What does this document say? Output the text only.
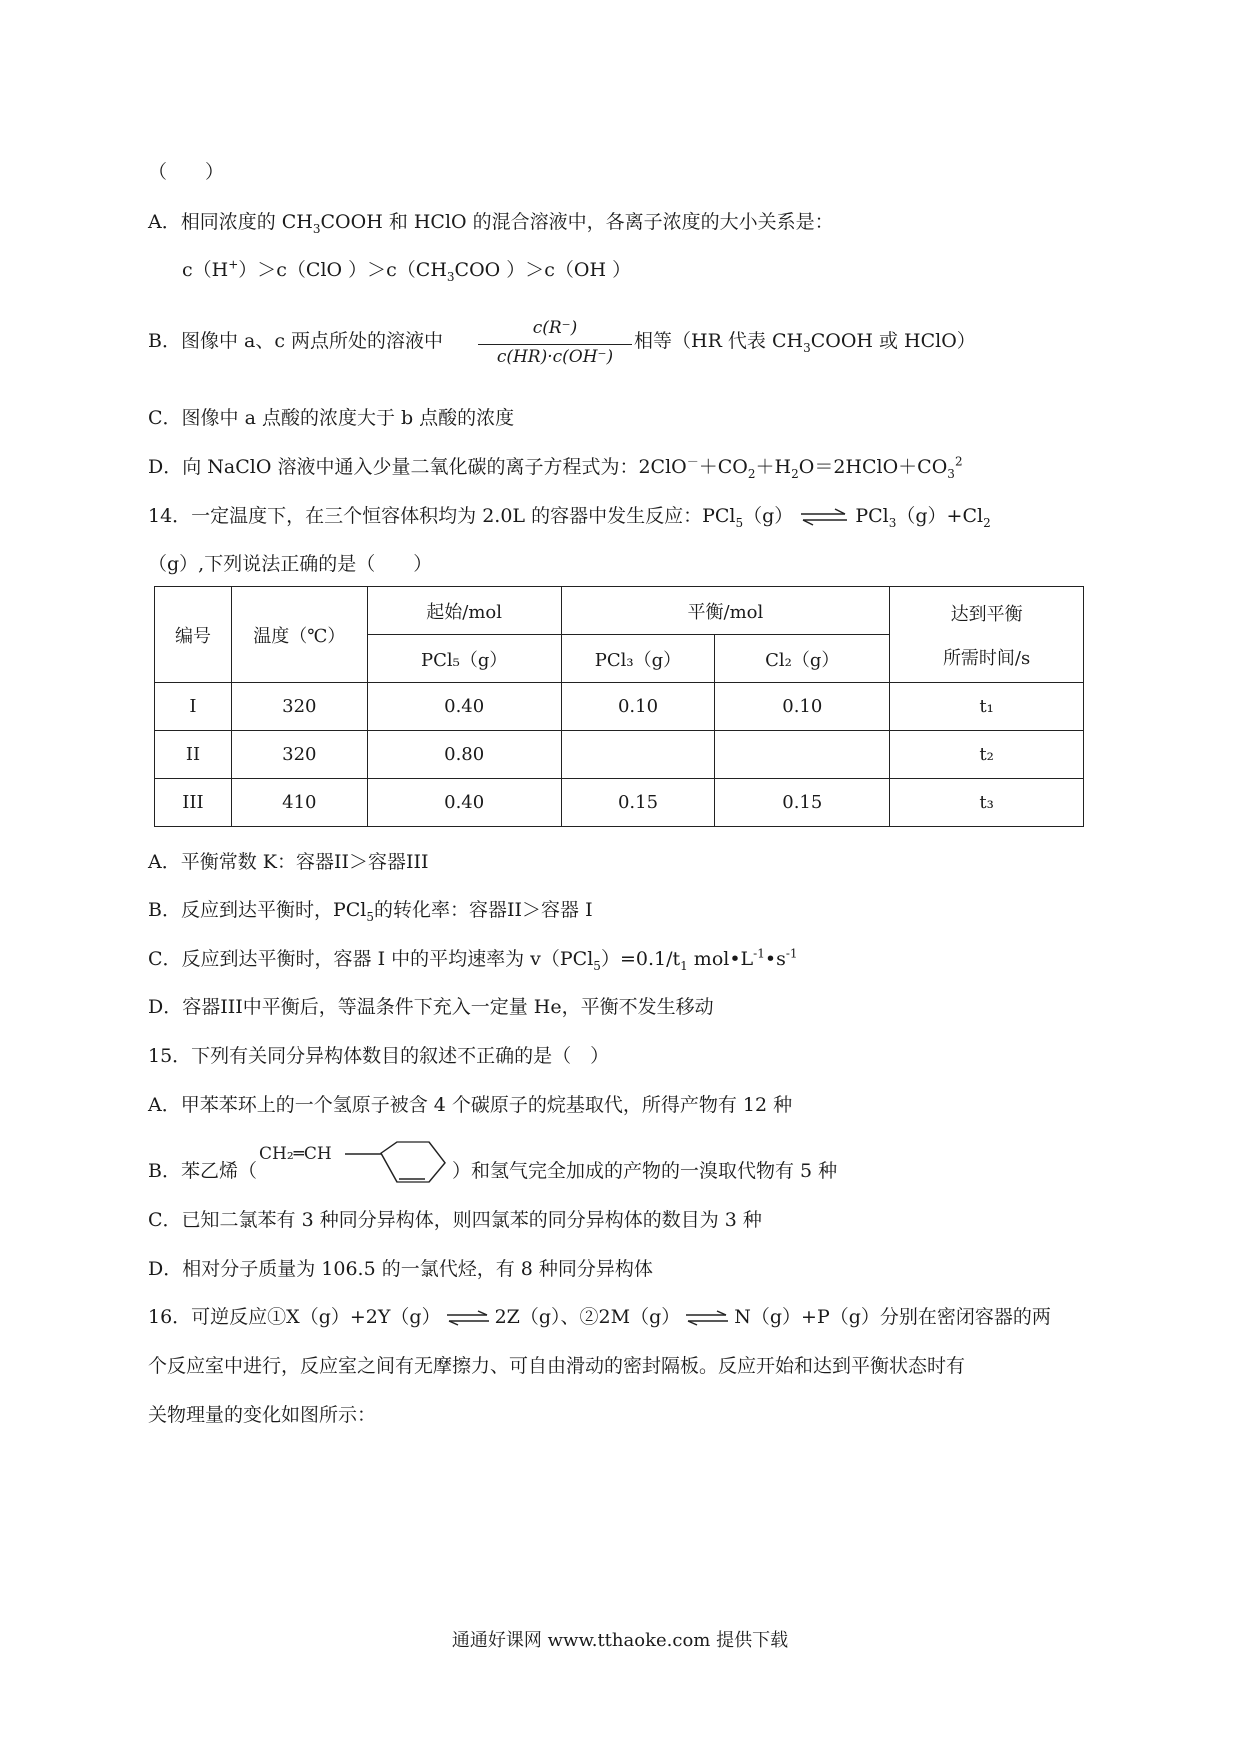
（　　）
A．相同浓度的 $CH_3COOH$ 和 HClO 的混合溶液中，各离子浓度的大小关系是：
c（H+）＞c（ClO ）$>c(CH_3COO$ ）＞c（OH ）
B．图像中 a、c 两点所处的溶液中
c(R⁻)
c(HR)·c(OH⁻)
相等（HR 代表 $CH_3COOH$ 或 HClO）
C．图像中 a 点酸的浓度大于 b 点酸的浓度
D．向 NaClO 溶液中通入少量二氧化碳的离子方程式为：$2ClO^-+CO_2+H_2O=2HClO+CO_3^2$
14．一定温度下，在三个恒容体积均为 2.0L 的容器中发生反应：PCl$_5$（g） ⇌ $PCl_3(g)+Cl_2$
（g）,下列说法正确的是（　　）
编号	温度（℃）	起始/mol	平衡/mol		达到平衡
所需时间/s

		PCl₅（g）	PCl₃（g）	Cl₂（g）	
I	320	0.40	0.10	0.10	t₁
II	320	0.80			t₂
III	410	0.40	0.15	0.15	t₃
A．平衡常数 K：容器II＞容器III
B．反应到达平衡时，PCl$_5$的转化率：容器II＞容器 I
C．反应到达平衡时，容器 I 中的平均速率为 $v(PCl_5)=0.1/t_1$ $mol•L^{-1}•s^{-1}$
D．容器III中平衡后，等温条件下充入一定量 He，平衡不发生移动
15．下列有关同分异构体数目的叙述不正确的是（　）
A．甲苯苯环上的一个氢原子被含 4 个碳原子的烷基取代，所得产物有 12 种
B．苯乙烯（
CH₂═CH
）和氢气完全加成的产物的一溴取代物有 5 种
C．已知二氯苯有 3 种同分异构体，则四氯苯的同分异构体的数目为 3 种
D．相对分子质量为 106.5 的一氯代烃，有 8 种同分异构体
16．可逆反应①X（g）+2Y（g） ⇌ 2Z（g）、②2M（g） ⇌ N（g）+P（g）分别在密闭容器的两
个反应室中进行，反应室之间有无摩擦力、可自由滑动的密封隔板。反应开始和达到平衡状态时有
关物理量的变化如图所示：
通通好课网 www.tthaoke.com 提供下载
